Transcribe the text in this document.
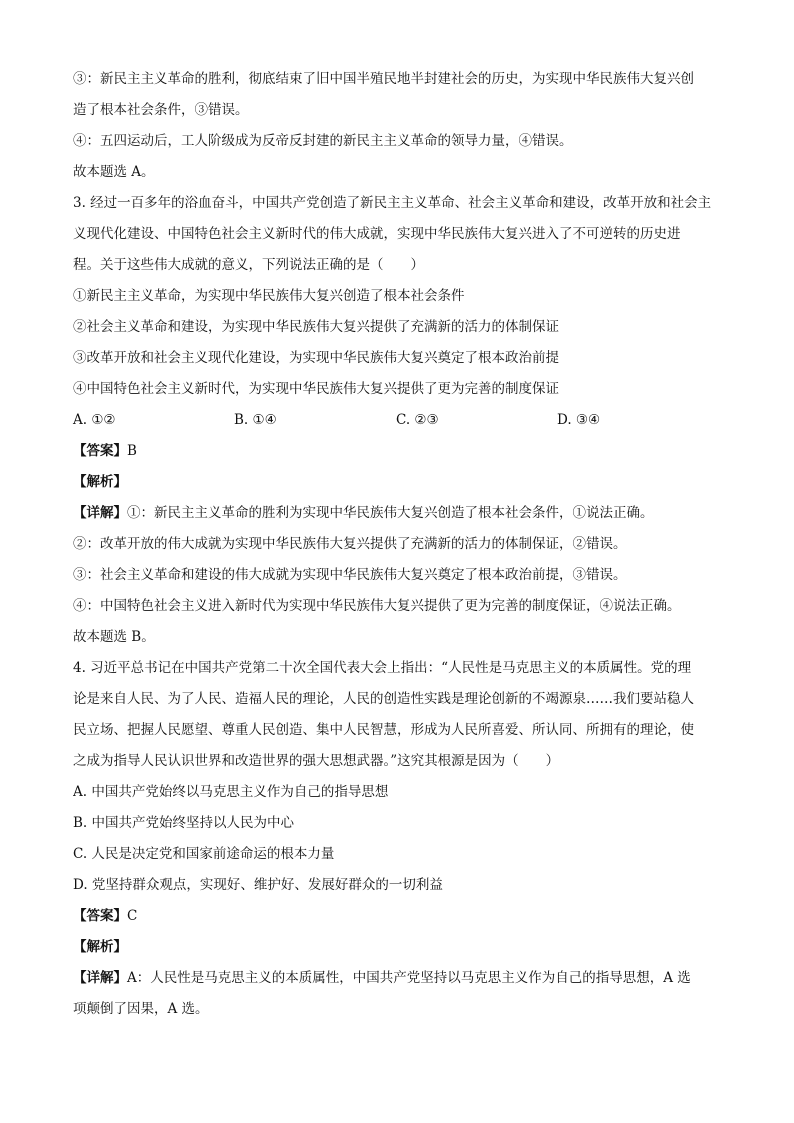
③：新民主主义革命的胜利，彻底结束了旧中国半殖民地半封建社会的历史，为实现中华民族伟大复兴创
造了根本社会条件，③错误。
④：五四运动后，工人阶级成为反帝反封建的新民主主义革命的领导力量，④错误。
故本题选 A。
3. 经过一百多年的浴血奋斗，中国共产党创造了新民主主义革命、社会主义革命和建设，改革开放和社会主
义现代化建设、中国特色社会主义新时代的伟大成就，实现中华民族伟大复兴进入了不可逆转的历史进
程。关于这些伟大成就的意义，下列说法正确的是（　　）
①新民主主义革命，为实现中华民族伟大复兴创造了根本社会条件
②社会主义革命和建设，为实现中华民族伟大复兴提供了充满新的活力的体制保证
③改革开放和社会主义现代化建设，为实现中华民族伟大复兴奠定了根本政治前提
④中国特色社会主义新时代，为实现中华民族伟大复兴提供了更为完善的制度保证
A. ①②	B. ①④	C. ②③	D. ③④
【答案】B
【解析】
【详解】①：新民主主义革命的胜利为实现中华民族伟大复兴创造了根本社会条件，①说法正确。
②：改革开放的伟大成就为实现中华民族伟大复兴提供了充满新的活力的体制保证，②错误。
③：社会主义革命和建设的伟大成就为实现中华民族伟大复兴奠定了根本政治前提，③错误。
④：中国特色社会主义进入新时代为实现中华民族伟大复兴提供了更为完善的制度保证，④说法正确。
故本题选 B。
4. 习近平总书记在中国共产党第二十次全国代表大会上指出：“人民性是马克思主义的本质属性。党的理
论是来自人民、为了人民、造福人民的理论，人民的创造性实践是理论创新的不竭源泉……我们要站稳人
民立场、把握人民愿望、尊重人民创造、集中人民智慧，形成为人民所喜爱、所认同、所拥有的理论，使
之成为指导人民认识世界和改造世界的强大思想武器。”这究其根源是因为（　　）
A. 中国共产党始终以马克思主义作为自己的指导思想
B. 中国共产党始终坚持以人民为中心
C. 人民是决定党和国家前途命运的根本力量
D. 党坚持群众观点，实现好、维护好、发展好群众的一切利益
【答案】C
【解析】
【详解】A：人民性是马克思主义的本质属性，中国共产党坚持以马克思主义作为自己的指导思想，A 选
项颠倒了因果，A 选。
